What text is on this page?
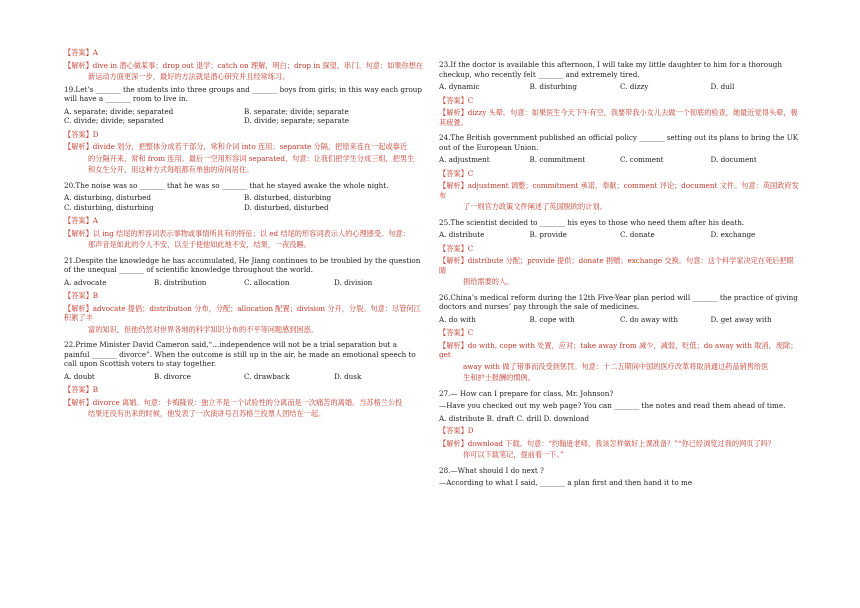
【答案】A

【解析】dive in 潜心做某事；drop out 退学；catch on 理解，明白；drop in 探望，串门。句意：如果你想在
新运动方面更深一步，最好的方法就是潜心研究并且经常练习。

19.Let’s _______ the students into three groups and _______ boys from girls; in this way each group will have a _______ room to live in.

A. separate; divide; separated	B. separate; divide; separate
C. divide; divide; separated	D. divide; separate; separate

【答案】D

【解析】divide 划分，把整体分成若干部分，常和介词 into 连用；separate 分隔，把原来连在一起或靠近
的分隔开来，常和 from 连用。最后一空用形容词 separated，句意：让我们把学生分成三组，把男生
和女生分开，用这种方式每组都有单独的房间居住。

20.The noise was so _______ that he was so _______ that he stayed awake the whole night.

A. disturbing, disturbed	B. disturbed, disturbing
C. disturbing, disturbing	D. disturbed, disturbed

【答案】A

【解析】以 ing 结尾的形容词表示事物或事情所具有的特征；以 ed 结尾的形容词表示人的心理感受。句意：
那声音是如此的令人不安，以至于使他如此地不安，结果，一夜没睡。

21.Despite the knowledge he has accumulated, He Jiang continues to be troubled by the question of the unequal _______ of scientific knowledge throughout the world.

A. advocate	B. distribution	C. allocation	D. division

【答案】B

【解析】advocate 提倡；distribution 分布，分配；allocation 配置；division 分开，分裂。句意：尽管何江积累了丰
富的知识，但他仍然对世界各地的科学知识分布的不平等问题感到困惑。

22.Prime Minister David Cameron said,“…independence will not be a trial separation but a painful _______ divorce”. When the outcome is still up in the air, he made an emotional speech to call upon Scottish voters to stay together.

A. doubt	B. divorce	C. drawback	D. dusk

【答案】B

【解析】divorce 离婚。句意：卡梅隆说：独立不是一个试验性的分离而是一次痛苦的离婚。当苏格兰公投
结果还没有出来的时候，他发表了一次演讲号召苏格兰投票人团结在一起。

23.If the doctor is available this afternoon, I will take my little daughter to him for a thorough checkup, who recently felt _______ and extremely tired.

A. dynamic	B. disturbing	C. dizzy	D. dull

【答案】C

【解析】dizzy 头晕。句意：如果医生今天下午有空，我要带我小女儿去做一个彻底的检查，她最近觉得头晕，极其疲惫。

24.The British government published an official policy _______ setting out its plans to bring the UK out of the European Union.

A. adjustment	B. commitment	C. comment	D. document

【答案】C

【解析】adjustment 调整；commitment 承诺，奉献；comment 评论；document 文件。句意：英国政府发布
了一则官方政策文件阐述了英国脱欧的计划。

25.The scientist decided to _______ his eyes to those who need them after his death.

A. distribute	B. provide	C. donate	D. exchange

【答案】C

【解析】distribute 分配；provide 提供；donate 捐赠；exchange 交换。句意：这个科学家决定在死后把眼睛
捐给需要的人。

26.China’s medical reform during the 12th Five-Year plan period will _______ the practice of giving doctors and nurses’ pay through the sale of medicines.

A. do with	B. cope with	C. do away with	D. get away with

【答案】C

【解析】do with, cope with 处置，应对；take away from 减少，减弱，贬低；do away with 取消，废除；get
away with 做了错事而没受到惩罚。句意：十二五期间中国的医疗改革将取消通过药品销售给医
生和护士报酬的惯例。

27.— How can I prepare for class, Mr. Johnson?

—Have you checked out my web page? You can _______ the notes and read them ahead of time.

A. distribute B. draft C. drill D. download

【答案】D

【解析】download 下载。句意：“约翰逊老师，我该怎样做好上课准备？”“你已经浏览过我的网页了吗？
你可以下载笔记，提前看一下。”

28.—What should I do next ?

—According to what I said, _______ a plan first and then hand it to me
